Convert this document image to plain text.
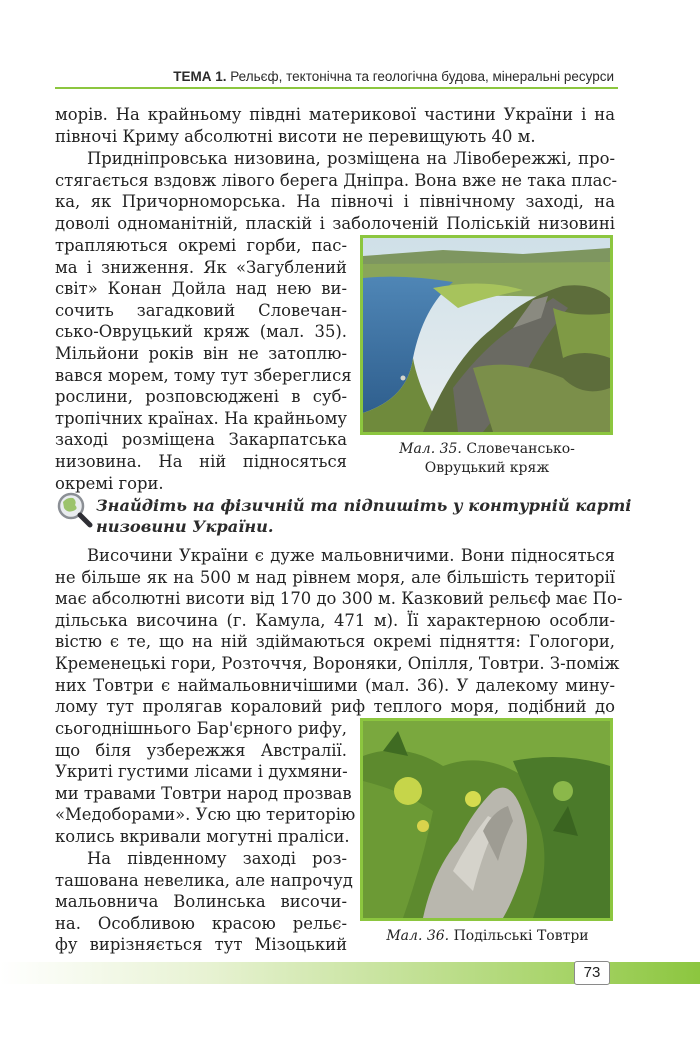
ТЕМА 1. Рельєф, тектонічна та геологічна будова, мінеральні ресурси
морів. На крайньому півдні материкової частини України і на
півночі Криму абсолютні висоти не перевищують 40 м.
Придніпровська низовина, розміщена на Лівобережжі, про-
стягається вздовж лівого берега Дніпра. Вона вже не така плас-
ка, як Причорноморська. На півночі і північному заході, на
доволі одноманітній, пласкій і заболоченій Поліській низовині
трапляються окремі горби, пас-
ма і зниження. Як «Загублений
світ» Конан Дойла над нею ви-
сочить загадковий Словечан-
сько-Овруцький кряж (мал. 35).
Мільйони років він не затоплю-
вався морем, тому тут збереглися
рослини, розповсюджені в суб-
тропічних країнах. На крайньому
заході розміщена Закарпатська
низовина. На ній підносяться
окремі гори.
Мал. 35. Словечансько-
Овруцький кряж
Знайдіть на фізичній та підпишіть у контурній карті
низовини України.
Височини України є дуже мальовничими. Вони підносяться
не більше як на 500 м над рівнем моря, але більшість території
має абсолютні висоти від 170 до 300 м. Казковий рельєф має По-
дільська височина (г. Камула, 471 м). Її характерною особли-
вістю є те, що на ній здіймаються окремі підняття: Гологори,
Кременецькі гори, Розточчя, Вороняки, Опілля, Товтри. З-поміж
них Товтри є наймальовничішими (мал. 36). У далекому мину-
лому тут пролягав кораловий риф теплого моря, подібний до
сьогоднішнього Бар'єрного рифу,
що біля узбережжя Австралії.
Укриті густими лісами і духмяни-
ми травами Товтри народ прозвав
«Медоборами». Усю цю територію
колись вкривали могутні праліси.
На південному заході роз-
ташована невелика, але напрочуд
мальовнича Волинська височи-
на. Особливою красою рельє-
фу вирізняється тут Мізоцький	Мал. 36. Подільські Товтри
73
